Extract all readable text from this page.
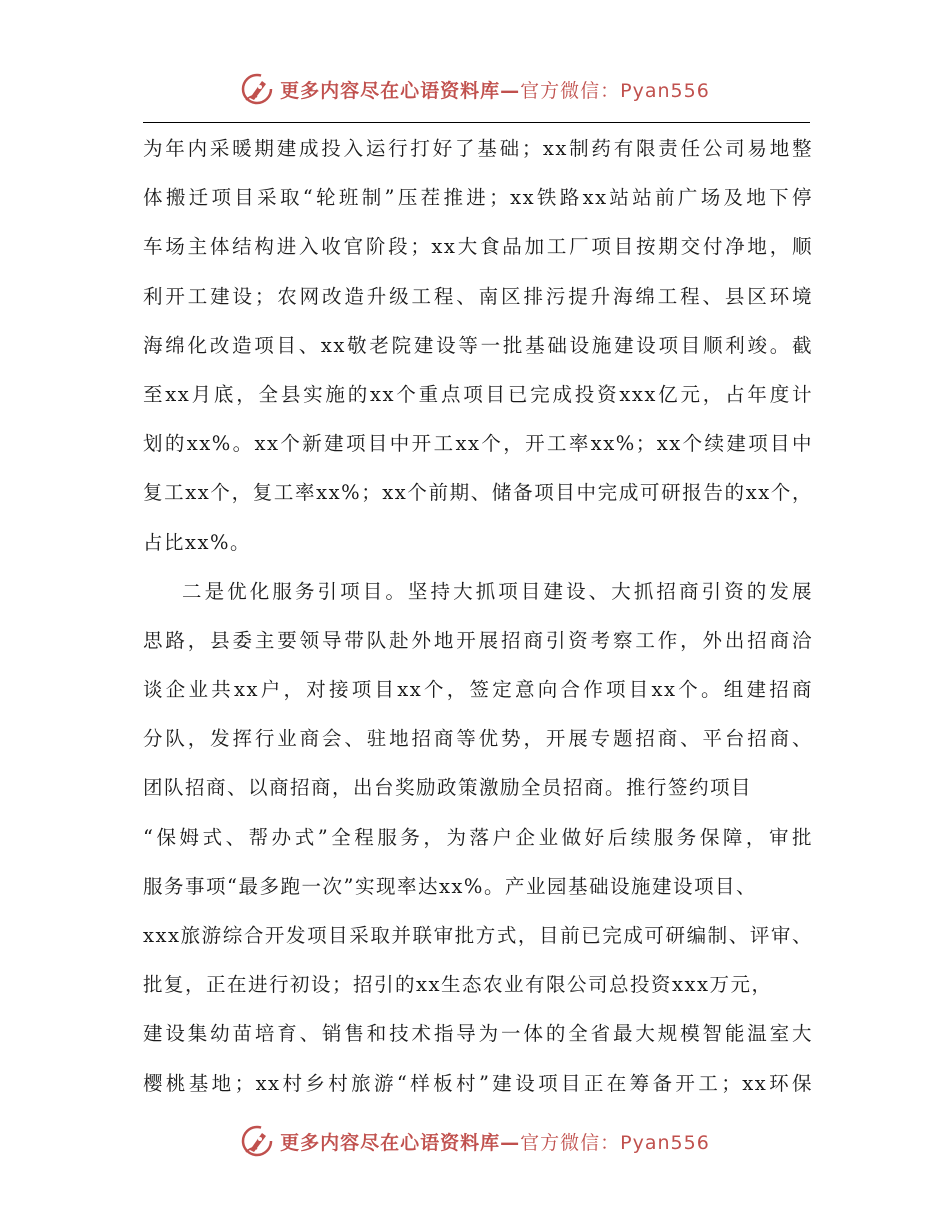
更多内容尽在心语资料库—官方微信：Pyan556
为年内采暖期建成投入运行打好了基础；xx制药有限责任公司易地整
体搬迁项目采取“轮班制”压茬推进；xx铁路xx站站前广场及地下停
车场主体结构进入收官阶段；xx大食品加工厂项目按期交付净地，顺
利开工建设；农网改造升级工程、南区排污提升海绵工程、县区环境
海绵化改造项目、xx敬老院建设等一批基础设施建设项目顺利竣。截
至xx月底，全县实施的xx个重点项目已完成投资xxx亿元，占年度计
划的xx%。xx个新建项目中开工xx个，开工率xx%；xx个续建项目中
复工xx个，复工率xx%；xx个前期、储备项目中完成可研报告的xx个，
占比xx%。
二是优化服务引项目。坚持大抓项目建设、大抓招商引资的发展
思路，县委主要领导带队赴外地开展招商引资考察工作，外出招商洽
谈企业共xx户，对接项目xx个，签定意向合作项目xx个。组建招商
分队，发挥行业商会、驻地招商等优势，开展专题招商、平台招商、
团队招商、以商招商，出台奖励政策激励全员招商。推行签约项目
“保姆式、帮办式”全程服务，为落户企业做好后续服务保障，审批
服务事项“最多跑一次”实现率达xx%。产业园基础设施建设项目、
xxx旅游综合开发项目采取并联审批方式，目前已完成可研编制、评审、
批复，正在进行初设；招引的xx生态农业有限公司总投资xxx万元，
建设集幼苗培育、销售和技术指导为一体的全省最大规模智能温室大
樱桃基地；xx村乡村旅游“样板村”建设项目正在筹备开工；xx环保
更多内容尽在心语资料库—官方微信：Pyan556
